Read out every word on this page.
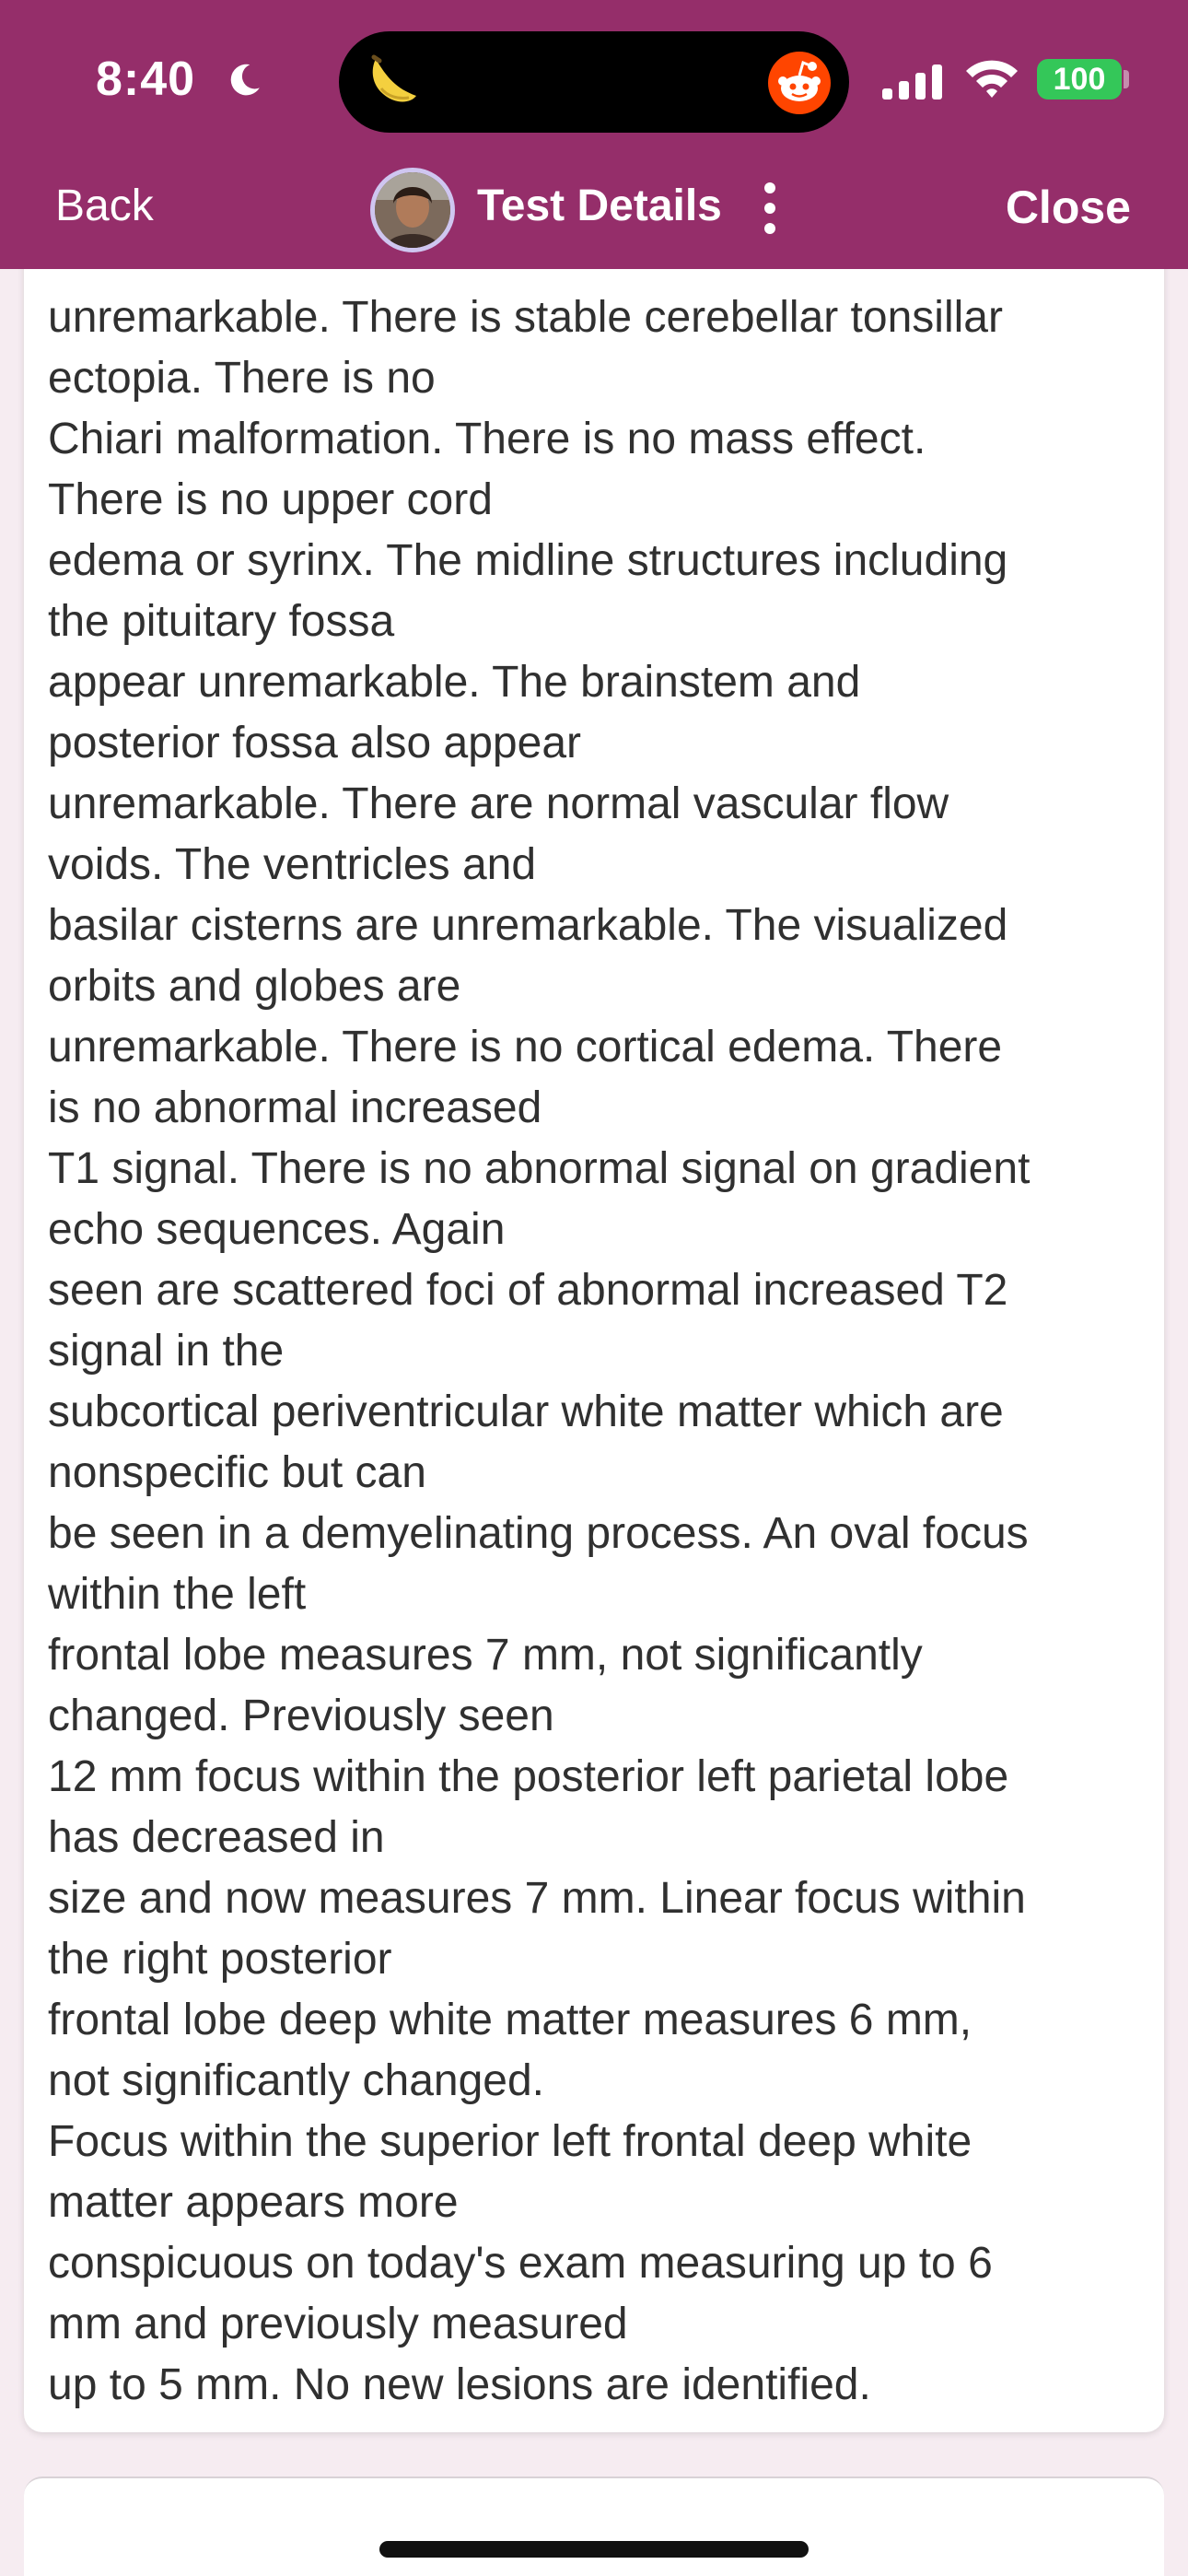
8:40	100
Back	Test Details	Close
unremarkable. There is stable cerebellar tonsillar
ectopia. There is no
Chiari malformation. There is no mass effect.
There is no upper cord
edema or syrinx. The midline structures including
the pituitary fossa
appear unremarkable. The brainstem and
posterior fossa also appear
unremarkable. There are normal vascular flow
voids. The ventricles and
basilar cisterns are unremarkable. The visualized
orbits and globes are
unremarkable. There is no cortical edema. There
is no abnormal increased
T1 signal. There is no abnormal signal on gradient
echo sequences. Again
seen are scattered foci of abnormal increased T2
signal in the
subcortical periventricular white matter which are
nonspecific but can
be seen in a demyelinating process. An oval focus
within the left
frontal lobe measures 7 mm, not significantly
changed. Previously seen
12 mm focus within the posterior left parietal lobe
has decreased in
size and now measures 7 mm. Linear focus within
the right posterior
frontal lobe deep white matter measures 6 mm,
not significantly changed.
Focus within the superior left frontal deep white
matter appears more
conspicuous on today's exam measuring up to 6
mm and previously measured
up to 5 mm. No new lesions are identified.
